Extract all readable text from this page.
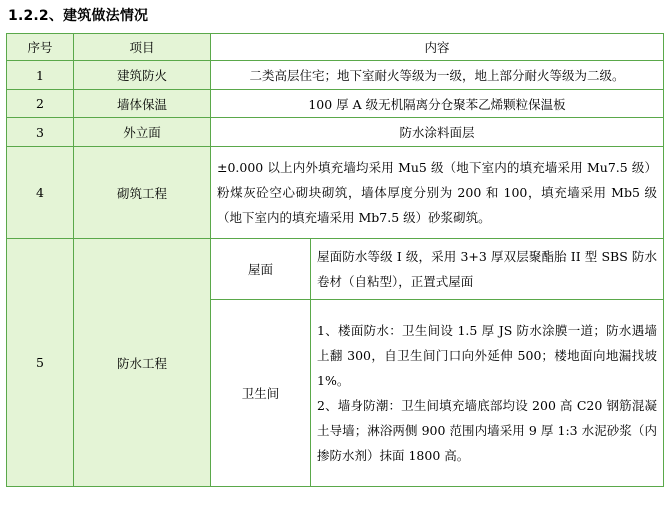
1.2.2、建筑做法情况
序号	项目	内容	
1	建筑防火	二类高层住宅；地下室耐火等级为一级，地上部分耐火等级为二级。	
2	墙体保温	100 厚 A 级无机隔离分仓聚苯乙烯颗粒保温板	
3	外立面	防水涂料面层	
4	砌筑工程	±0.000 以上内外填充墙均采用 Mu5 级（地下室内的填充墙采用 Mu7.5 级）粉煤灰砼空心砌块砌筑，墙体厚度分别为 200 和 100，填充墙采用 Mb5 级（地下室内的填充墙采用 Mb7.5 级）砂浆砌筑。	

5	防水工程	屋面	屋面防水等级 I 级，采用 3+3 厚双层聚酯胎 II 型 SBS 防水卷材（自粘型），正置式屋面

		卫生间	1、楼面防水：卫生间设 1.5 厚 JS 防水涂膜一道；防水遇墙上翻 300，自卫生间门口向外延伸 500；楼地面向地漏找坡 1%。

2、墙身防潮：卫生间填充墙底部均设 200 高 C20 钢筋混凝土导墙；淋浴两侧 900 范围内墙采用 9 厚 1:3 水泥砂浆（内掺防水剂）抹面 1800 高。
